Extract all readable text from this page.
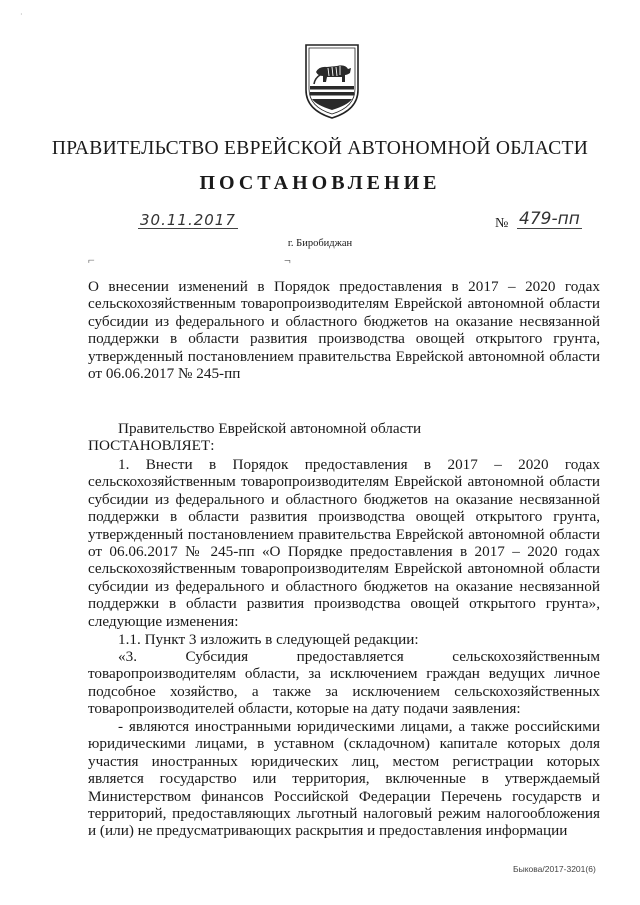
·
ПРАВИТЕЛЬСТВО ЕВРЕЙСКОЙ АВТОНОМНОЙ ОБЛАСТИ
ПОСТАНОВЛЕНИЕ
30.11.2017	№ 479-пп
г. Биробиджан
⌐	¬
О внесении изменений в Порядок предоставления в 2017 – 2020 годах сельскохозяйственным товаропроизводителям Еврейской автономной области субсидии из федерального и областного бюджетов на оказание несвязанной поддержки в области развития производства овощей открытого грунта, утвержденный постановлением правительства Еврейской автономной области от 06.06.2017 № 245-пп
Правительство Еврейской автономной области
ПОСТАНОВЛЯЕТ:
1. Внести в Порядок предоставления в 2017 – 2020 годах сельскохозяйственным товаропроизводителям Еврейской автономной области субсидии из федерального и областного бюджетов на оказание несвязанной поддержки в области развития производства овощей открытого грунта, утвержденный постановлением правительства Еврейской автономной области от 06.06.2017 № 245-пп «О Порядке предоставления в 2017 – 2020 годах сельскохозяйственным товаропроизводителям Еврейской автономной области субсидии из федерального и областного бюджетов на оказание несвязанной поддержки в области развития производства овощей открытого грунта», следующие изменения:
1.1. Пункт 3 изложить в следующей редакции:
«3. Субсидия предоставляется сельскохозяйственным товаропроизводителям области, за исключением граждан ведущих личное подсобное хозяйство, а также за исключением сельскохозяйственных товаропроизводителей области, которые на дату подачи заявления:
- являются иностранными юридическими лицами, а также российскими юридическими лицами, в уставном (складочном) капитале которых доля участия иностранных юридических лиц, местом регистрации которых является государство или территория, включенные в утверждаемый Министерством финансов Российской Федерации Перечень государств и территорий, предоставляющих льготный налоговый режим налогообложения и (или) не предусматривающих раскрытия и предоставления информации
Быкова/2017-3201(6)
